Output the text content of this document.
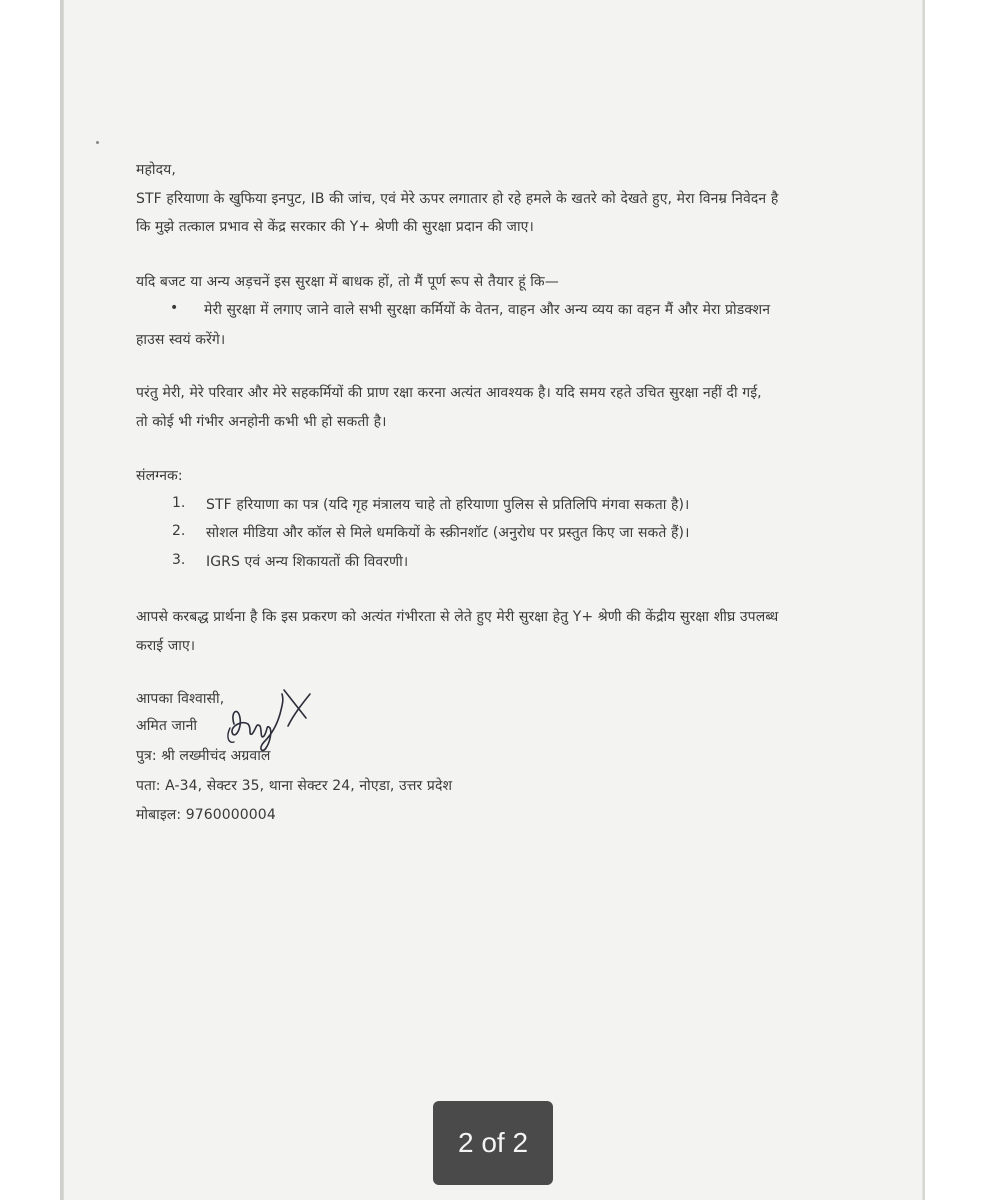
महोदय,
STF हरियाणा के खुफिया इनपुट, IB की जांच, एवं मेरे ऊपर लगातार हो रहे हमले के खतरे को देखते हुए, मेरा विनम्र निवेदन है
कि मुझे तत्काल प्रभाव से केंद्र सरकार की Y+ श्रेणी की सुरक्षा प्रदान की जाए।
यदि बजट या अन्य अड़चनें इस सुरक्षा में बाधक हों, तो मैं पूर्ण रूप से तैयार हूं कि—
• मेरी सुरक्षा में लगाए जाने वाले सभी सुरक्षा कर्मियों के वेतन, वाहन और अन्य व्यय का वहन मैं और मेरा प्रोडक्शन
हाउस स्वयं करेंगे।
परंतु मेरी, मेरे परिवार और मेरे सहकर्मियों की प्राण रक्षा करना अत्यंत आवश्यक है। यदि समय रहते उचित सुरक्षा नहीं दी गई,
तो कोई भी गंभीर अनहोनी कभी भी हो सकती है।
संलग्नक:
1. STF हरियाणा का पत्र (यदि गृह मंत्रालय चाहे तो हरियाणा पुलिस से प्रतिलिपि मंगवा सकता है)।
2. सोशल मीडिया और कॉल से मिले धमकियों के स्क्रीनशॉट (अनुरोध पर प्रस्तुत किए जा सकते हैं)।
3. IGRS एवं अन्य शिकायतों की विवरणी।
आपसे करबद्ध प्रार्थना है कि इस प्रकरण को अत्यंत गंभीरता से लेते हुए मेरी सुरक्षा हेतु Y+ श्रेणी की केंद्रीय सुरक्षा शीघ्र उपलब्ध
कराई जाए।
आपका विश्वासी,
अमित जानी
पुत्र: श्री लख्मीचंद अग्रवाल
पता: A-34, सेक्टर 35, थाना सेक्टर 24, नोएडा, उत्तर प्रदेश
मोबाइल: 9760000004
2 of 2
